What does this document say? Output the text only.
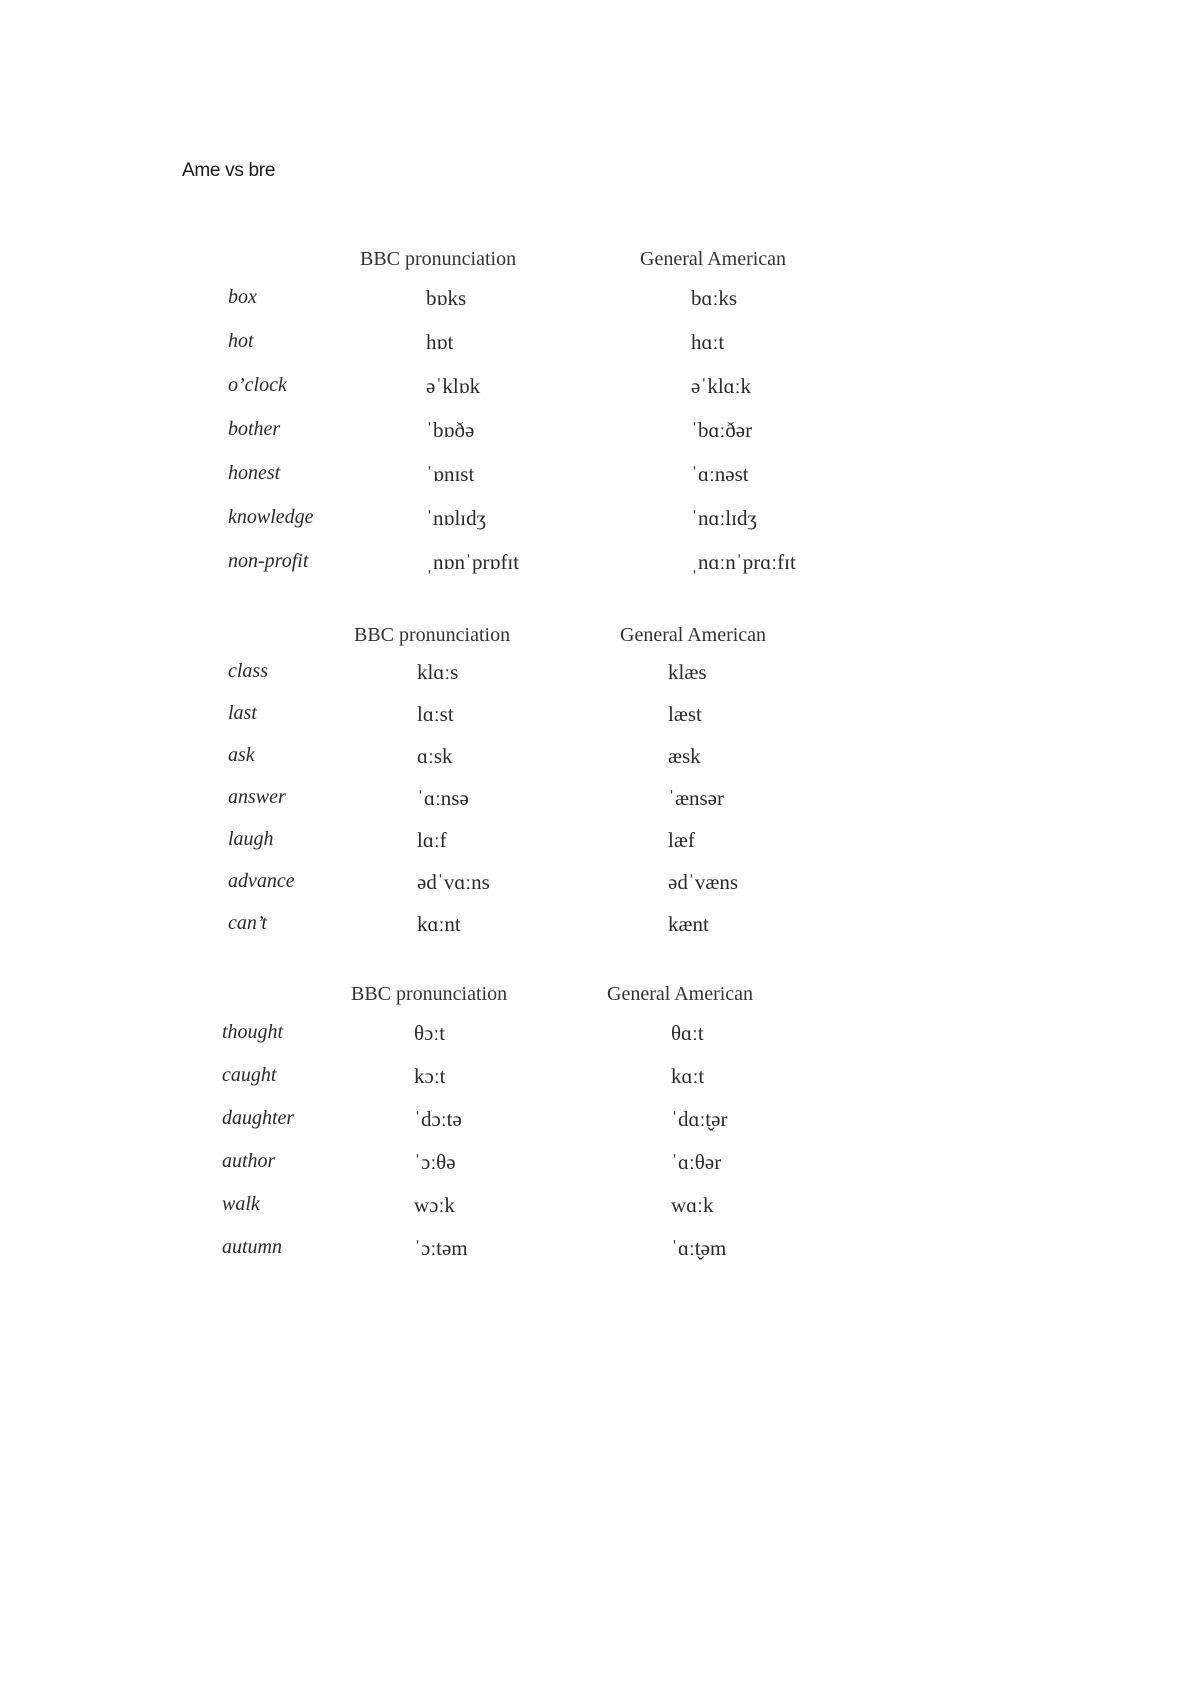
Ame vs bre
BBC pronunciation	General American
box	bɒks	bɑːks
hot	hɒt	hɑːt
o’clock	əˈklɒk	əˈklɑːk
bother	ˈbɒðə	ˈbɑːðər
honest	ˈɒnɪst	ˈɑːnəst
knowledge	ˈnɒlɪdʒ	ˈnɑːlɪdʒ
non-profit	ˌnɒnˈprɒfɪt	ˌnɑːnˈprɑːfɪt
BBC pronunciation	General American
class	klɑːs	klæs
last	lɑːst	læst
ask	ɑːsk	æsk
answer	ˈɑːnsə	ˈænsər
laugh	lɑːf	læf
advance	ədˈvɑːns	ədˈvæns
can’t	kɑːnt	kænt
BBC pronunciation	General American
thought	θɔːt	θɑːt
caught	kɔːt	kɑːt
daughter	ˈdɔːtə	ˈdɑːt̬ər
author	ˈɔːθə	ˈɑːθər
walk	wɔːk	wɑːk
autumn	ˈɔːtəm	ˈɑːt̬əm
